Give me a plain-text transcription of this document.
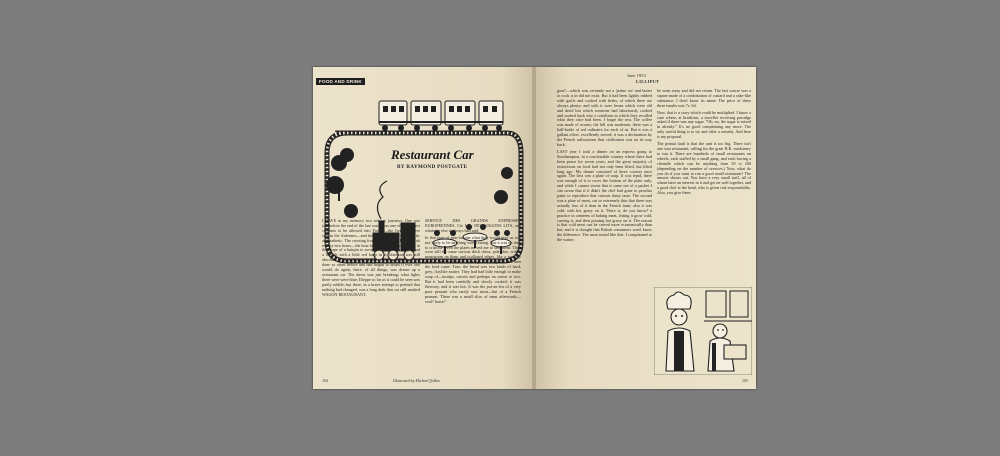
FOOD AND DRINK
Restaurant Car
BY RAYMOND POSTGATE

I HAVE in my memory two railway journeys. One was just before the end of the last war. I was one of the earliest civilians to be allowed into France—the Germans were still in the Ardennes—and the journey was both dramatic and pathetic. The crossing from Newhaven to Dieppe took twenty-two hours—the boat had to make a slow journey in the shape of a hairpin to avoid mines; each passenger had a lifebelt with a little red lamp in it; blackout was still absolute. When at last we landed in Dieppe, which one had done so often before and had begun to doubt if ever one would do again, there, of all things, was drawn up a restaurant car. The dawn was just breaking; what lights there were were blue; Dieppe so far as it could be seen was partly rubble; but there, in a brave attempt to pretend that nothing had changed, was a long dark that car still marked WAGON RESTAURANT.

SERVICE DES GRANDS EXPRESSES EUROPEENNES. Cie Intle DES WAGONS LITS, and whatever else it always had said.

In that time of near-famine what they would give us was not likely to be anything worth eating. But it was no time to criticise: even the plates moved me to sentiment. They were still the same curious thick china, pale blue, with a monogram on them and scalloped edges, like a naughty pair of camiknickers in the reign of George V. And then the food came. True, the bread was two kinds of hard, grey, claylike matter. They had had little enough to make soup of—turnips, carrots and perhaps an onion or two. But it had been carefully and slowly cooked; it was flavoury, and it was hot. It was the pot-au-feu of a very poor peasant who rarely saw meat—but of a French peasant. There was a small slice of meat afterwards—veal? horse?

104	Illustrated by Michael ffolkes
June 1953
LILLIPUT

goat?—which was certainly not a 'prime cut' and butter to cook it in did not exist. But it had been lightly rubbed with garlic and cooked with herbs, of which there are always plenty: and with it were beans which were old and dried but which someone had laboriously cooked and soaked back into a condition in which they recalled what they once had been. I forget the rest. The coffee was made of acorns; the bill was moderate; there was a half-bottle of red ordinaire for each of us. But it was a gallant effort, excellently served; it was a declaration by the French railwaymen that civilisation was on its way back.

LAST year I took a dinner on an express going to Southampton, in a comfortable country where there had been peace for seven years, and the great majority of restrictions on food had not only been lifted, but lifted long ago. My dinner consisted of three courses once again. The first was a plate of soup. It was tepid, there was enough of it to cover the bottom of the plate only, and while I cannot swear that it came out of a packet I can swear that if it didn't the chef had gone to peculiar pains to reproduce that curious dusty taste. The second was a plate of meat, cut so extremely thin that there was actually less of it than in the French tram; also it was cold, with hot gravy on it. There is, do you know? a practice in canteens of baking meat, letting it grow cold, carving it, and then pouring hot gravy on it. The reason is that cold meat can be carved more economically than hot, and it is thought that British consumers won't know the difference. The meat tasted like that. I complained to the waiter;

he went away and did not return. The last course was a square made of a combination of custard and a cake-like substance; I don't know its name. The price of these three insults was 7s. 6d.

Now, that is a story which could be multiplied. I know a case where, at breakfast, a traveller receiving porridge asked if there was any sugar. "Oh, no, the sugar is mixed in already." It's no good complaining any more. The only useful thing is to try and offer a remedy. And here is my proposal.

The primal fault is that the unit is too big. There isn't one vast restaurant, calling for the great B.R. machinery to run it. There are hundreds of small restaurants on wheels, each staffed by a small gang, and each having a clientele which can be anything from 50 to 200 (depending on the number of services.) Now, what do you do if you want to run a good small restaurant? The answer shouts out. You have a very small staff, all of whom have an interest in it and get on well together, and a good chef at the head, who is given real responsibility. Also, you give them

105
